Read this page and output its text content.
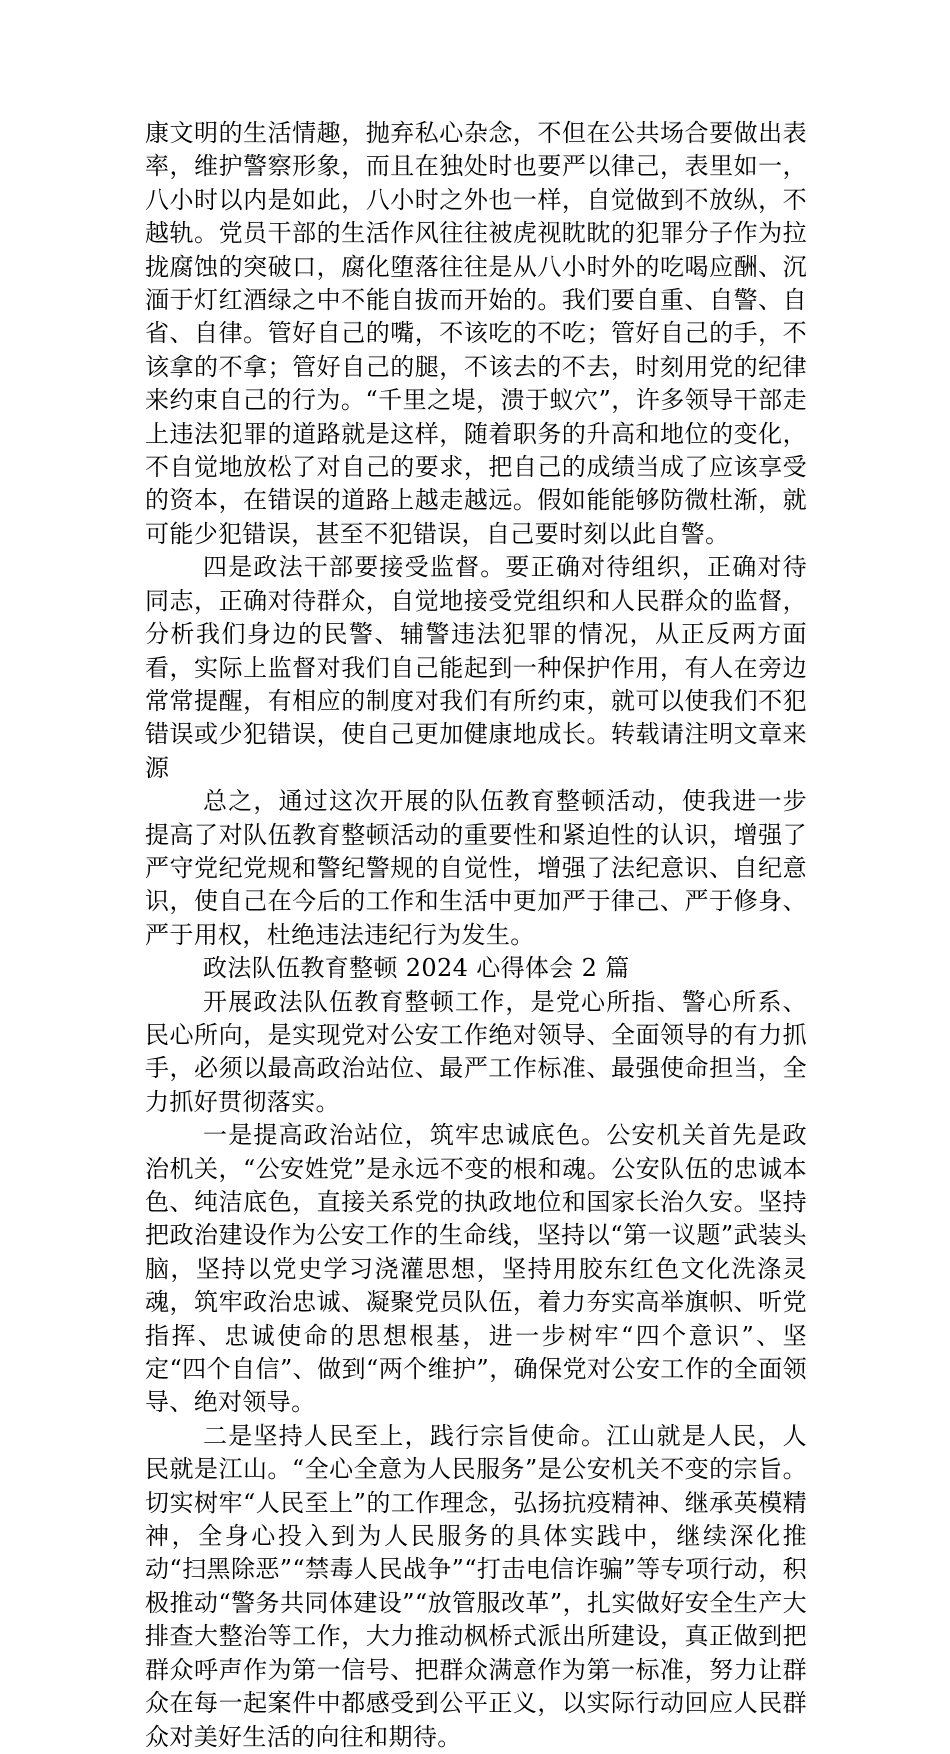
康文明的生活情趣，抛弃私心杂念，不但在公共场合要做出表率，维护警察形象，而且在独处时也要严以律己，表里如一，八小时以内是如此，八小时之外也一样，自觉做到不放纵，不越轨。党员干部的生活作风往往被虎视眈眈的犯罪分子作为拉拢腐蚀的突破口，腐化堕落往往是从八小时外的吃喝应酬、沉湎于灯红酒绿之中不能自拔而开始的。我们要自重、自警、自省、自律。管好自己的嘴，不该吃的不吃；管好自己的手，不该拿的不拿；管好自己的腿，不该去的不去，时刻用党的纪律来约束自己的行为。“千里之堤，溃于蚁穴”，许多领导干部走上违法犯罪的道路就是这样，随着职务的升高和地位的变化，不自觉地放松了对自己的要求，把自己的成绩当成了应该享受的资本，在错误的道路上越走越远。假如能能够防微杜渐，就可能少犯错误，甚至不犯错误，自己要时刻以此自警。

四是政法干部要接受监督。要正确对待组织，正确对待同志，正确对待群众，自觉地接受党组织和人民群众的监督，分析我们身边的民警、辅警违法犯罪的情况，从正反两方面看，实际上监督对我们自己能起到一种保护作用，有人在旁边常常提醒，有相应的制度对我们有所约束，就可以使我们不犯错误或少犯错误，使自己更加健康地成长。转载请注明文章来源

总之，通过这次开展的队伍教育整顿活动，使我进一步提高了对队伍教育整顿活动的重要性和紧迫性的认识，增强了严守党纪党规和警纪警规的自觉性，增强了法纪意识、自纪意识，使自己在今后的工作和生活中更加严于律己、严于修身、严于用权，杜绝违法违纪行为发生。

政法队伍教育整顿 2024 心得体会 2 篇

开展政法队伍教育整顿工作，是党心所指、警心所系、民心所向，是实现党对公安工作绝对领导、全面领导的有力抓手，必须以最高政治站位、最严工作标准、最强使命担当，全力抓好贯彻落实。

一是提高政治站位，筑牢忠诚底色。公安机关首先是政治机关，“公安姓党”是永远不变的根和魂。公安队伍的忠诚本色、纯洁底色，直接关系党的执政地位和国家长治久安。坚持把政治建设作为公安工作的生命线，坚持以“第一议题”武装头脑，坚持以党史学习浇灌思想，坚持用胶东红色文化洗涤灵魂，筑牢政治忠诚、凝聚党员队伍，着力夯实高举旗帜、听党指挥、忠诚使命的思想根基，进一步树牢“四个意识”、坚定“四个自信”、做到“两个维护”，确保党对公安工作的全面领导、绝对领导。

二是坚持人民至上，践行宗旨使命。江山就是人民，人民就是江山。“全心全意为人民服务”是公安机关不变的宗旨。切实树牢“人民至上”的工作理念，弘扬抗疫精神、继承英模精神，全身心投入到为人民服务的具体实践中，继续深化推动“扫黑除恶”“禁毒人民战争”“打击电信诈骗”等专项行动，积极推动“警务共同体建设”“放管服改革”，扎实做好安全生产大排查大整治等工作，大力推动枫桥式派出所建设，真正做到把群众呼声作为第一信号、把群众满意作为第一标准，努力让群众在每一起案件中都感受到公平正义，以实际行动回应人民群众对美好生活的向往和期待。
